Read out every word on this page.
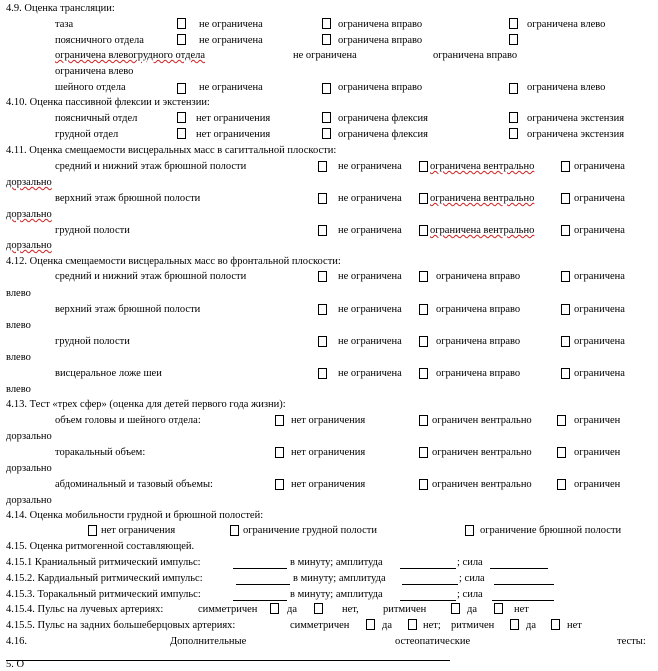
4.9. Оценка трансляции:
таза	не ограничена	ограничена вправо	ограничена влево
поясничного отдела	не ограничена	ограничена вправо
ограничена влевогрудного отдела	не ограничена	ограничена вправо
ограничена влево
шейного отдела	не ограничена	ограничена вправо	ограничена влево
4.10. Оценка пассивной флексии и экстензии:
поясничный отдел	нет ограничения	ограничена флексия	ограничена экстензия
грудной отдел	нет ограничения	ограничена флексия	ограничена экстензия
4.11. Оценка смещаемости висцеральных масс в сагиттальной плоскости:
средний и нижний этаж брюшной полости	не ограничена	ограничена вентрально	ограничена
дорзально
верхний этаж брюшной полости	не ограничена	ограничена вентрально	ограничена
дорзально
грудной полости	не ограничена	ограничена вентрально	ограничена
дорзально
4.12. Оценка смещаемости висцеральных масс во фронтальной плоскости:
средний и нижний этаж брюшной полости	не ограничена	ограничена вправо	ограничена
влево
верхний этаж брюшной полости	не ограничена	ограничена вправо	ограничена
влево
грудной полости	не ограничена	ограничена вправо	ограничена
влево
висцеральное ложе шеи	не ограничена	ограничена вправо	ограничена
влево
4.13. Тест «трех сфер» (оценка для детей первого года жизни):
объем головы и шейного отдела:	нет ограничения	ограничен вентрально	ограничен
дорзально
торакальный объем:	нет ограничения	ограничен вентрально	ограничен
дорзально
абдоминальный и тазовый объемы:	нет ограничения	ограничен вентрально	ограничен
дорзально
4.14. Оценка мобильности грудной и брюшной полостей:
нет ограничения	ограничение грудной полости	ограничение брюшной полости
4.15. Оценка ритмогенной составляющей.
4.15.1 Краниальный ритмический импульс:	в минуту; амплитуда	; сила
4.15.2. Кардиальный ритмический импульс:	в минуту; амплитуда	; сила
4.15.3. Торакальный ритмический импульс:	в минуту; амплитуда	; сила
4.15.4. Пульс на лучевых артериях:	симметричен	да	нет, ритмичен	да	нет
4.15.5. Пульс на задних большеберцовых артериях:	симметричен	да	нет; ритмичен	да	нет
4.16.	Дополнительные	остеопатические	тесты:
5. О
